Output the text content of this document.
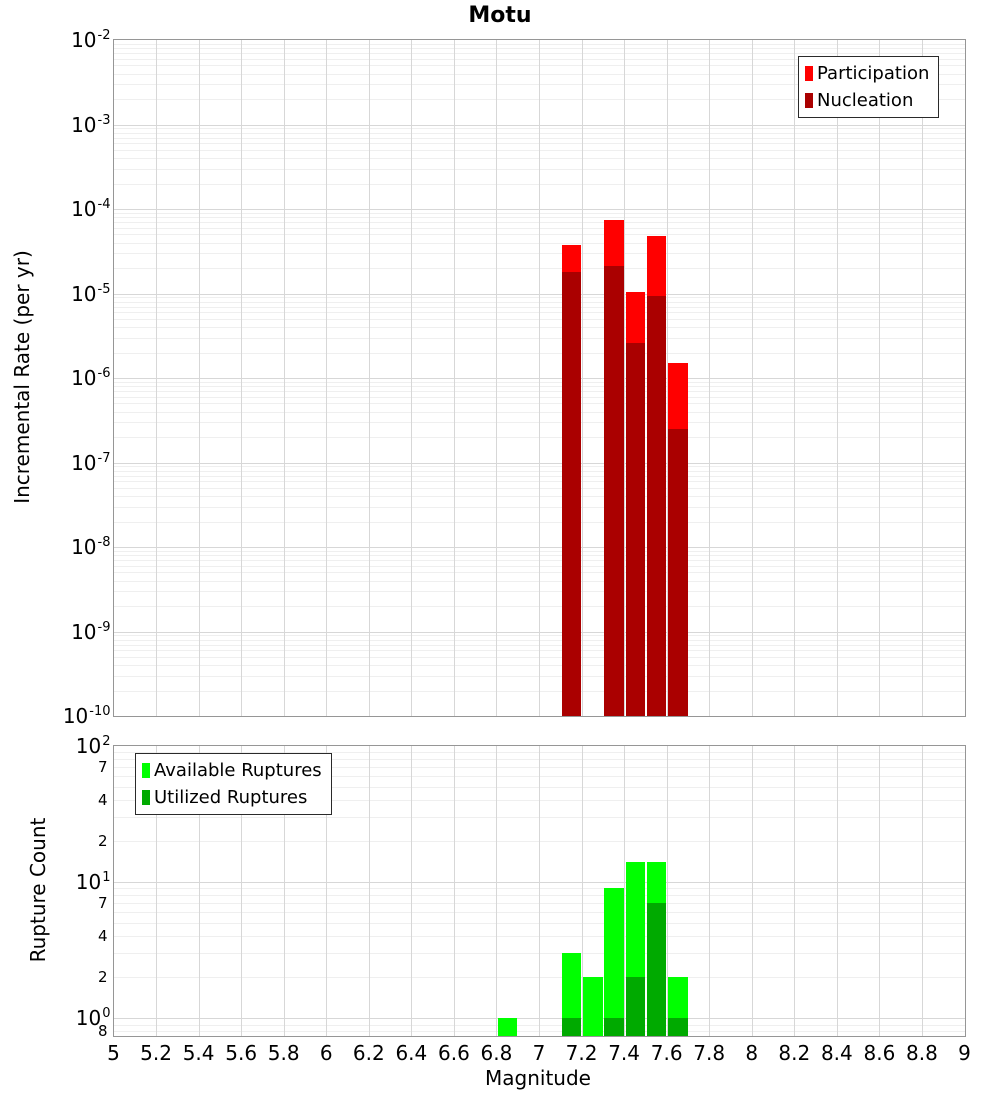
Motu
Incremental Rate (per yr)
Rupture Count
Magnitude
$10^{-2}$
$10^{-3}$
$10^{-4}$
$10^{-5}$
$10^{-6}$
$10^{-7}$
$10^{-8}$
$10^{-9}$
$10^{-10}$
$10^2$
7
4
2
$10^1$
7
4
2
$10^0$
8
5	5.2 5.4 5.6 5.8	6	6.2 6.4 6.6 6.8	7	7.2 7.4 7.6 7.8	8	8.2 8.4 8.6 8.8	9
Participation
Nucleation
Available Ruptures
Utilized Ruptures
